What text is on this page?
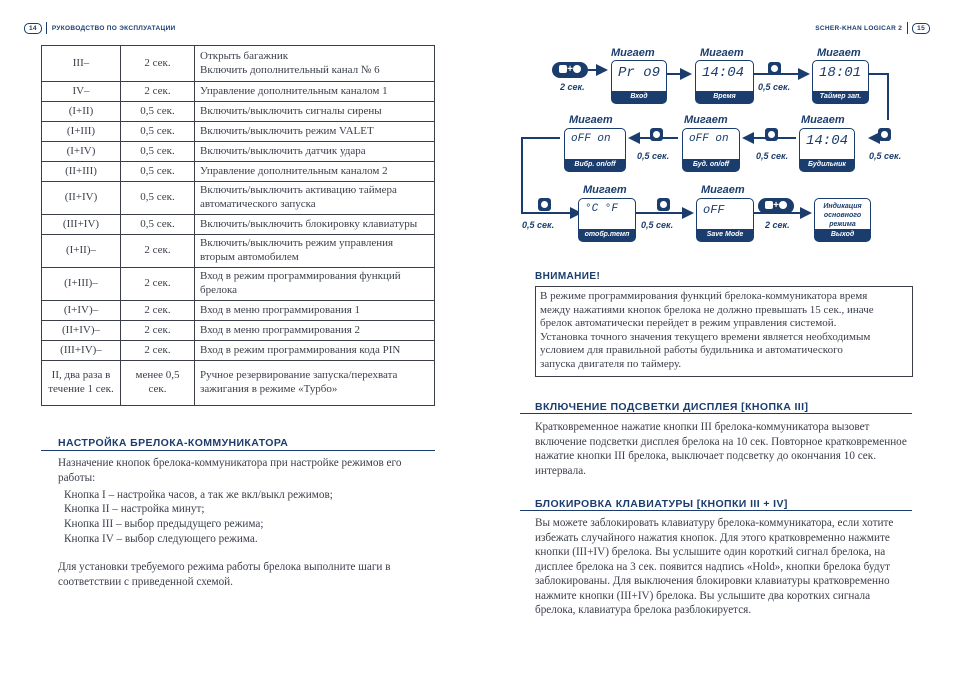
14	РУКОВОДСТВО ПО ЭКСПЛУАТАЦИИ	SCHER-KHAN LOGICAR 2	15
III–	2 сек.	Открыть багажник
Включить дополнительный канал № 6
IV–	2 сек.	Управление дополнительным каналом 1
(I+II)	0,5 сек.	Включить/выключить сигналы сирены
(I+III)	0,5 сек.	Включить/выключить режим VALET
(I+IV)	0,5 сек.	Включить/выключить датчик удара
(II+III)	0,5 сек.	Управление дополнительным каналом 2
(II+IV)	0,5 сек.	Включить/выключить активацию таймера автоматического запуска
(III+IV)	0,5 сек.	Включить/выключить блокировку клавиатуры
(I+II)–	2 сек.	Включить/выключить режим управления вторым автомобилем
(I+III)–	2 сек.	Вход в режим программирования функций брелока
(I+IV)–	2 сек.	Вход в меню программирования 1
(II+IV)–	2 сек.	Вход в меню программирования 2
(III+IV)–	2 сек.	Вход в режим программирования кода PIN
II, два раза в течение 1 сек.	менее 0,5 сек.	Ручное резервирование запуска/перехвата зажигания в режиме «Турбо»
НАСТРОЙКА БРЕЛОКА-КОММУНИКАТОРА
Назначение кнопок брелока-коммуникатора при настройке режимов его работы:
Кнопка I – настройка часов, а так же вкл/выкл режимов;
Кнопка II – настройка минут;
Кнопка III – выбор предыдущего режима;
Кнопка IV – выбор следующего режима.
Для установки требуемого режима работы брелока выполните шаги в соответствии с приведенной схемой.
+
2 сек.
Мигает
Pr o9
Вход
Мигает
14:04
Время
0,5 сек.
Мигает
18:01
Таймер зап.
0,5 сек.
Мигает
14:04
Будильник
0,5 сек.
Мигает
oFF on
Буд. on/off
0,5 сек.
Мигает
oFF on
Вибр. on/off
0,5 сек.
Мигает
°C °F
отобр.темп
0,5 сек.
Мигает
oFF
Save Mode
+
2 сек.
Индикация основного режима
Выход
ВНИМАНИЕ!
В режиме программирования функций брелока-коммуникатора время
между нажатиями кнопок брелока не должно превышать 15 сек., иначе
брелок автоматически перейдет в режим управления системой.
Установка точного значения текущего времени является необходимым
условием для правильной работы будильника и автоматического
запуска двигателя по таймеру.
ВКЛЮЧЕНИЕ ПОДСВЕТКИ ДИСПЛЕЯ [КНОПКА III]
Кратковременное нажатие кнопки III брелока-коммуникатора вызовет включение подсветки дисплея брелока на 10 сек. Повторное кратковременное нажатие кнопки III брелока, выключает подсветку до окончания 10 сек. интервала.
БЛОКИРОВКА КЛАВИАТУРЫ [КНОПКИ III + IV]
Вы можете заблокировать клавиатуру брелока-коммуникатора, если хотите избежать случайного нажатия кнопок. Для этого кратковременно нажмите кнопки (III+IV) брелока. Вы услышите один короткий сигнал брелока, на дисплее брелока на 3 сек. появится надпись «Hold», кнопки брелока будут заблокированы. Для выключения блокировки клавиатуры кратковременно нажмите кнопки (III+IV) брелока. Вы услышите два коротких сигнала брелока, клавиатура брелока разблокируется.
